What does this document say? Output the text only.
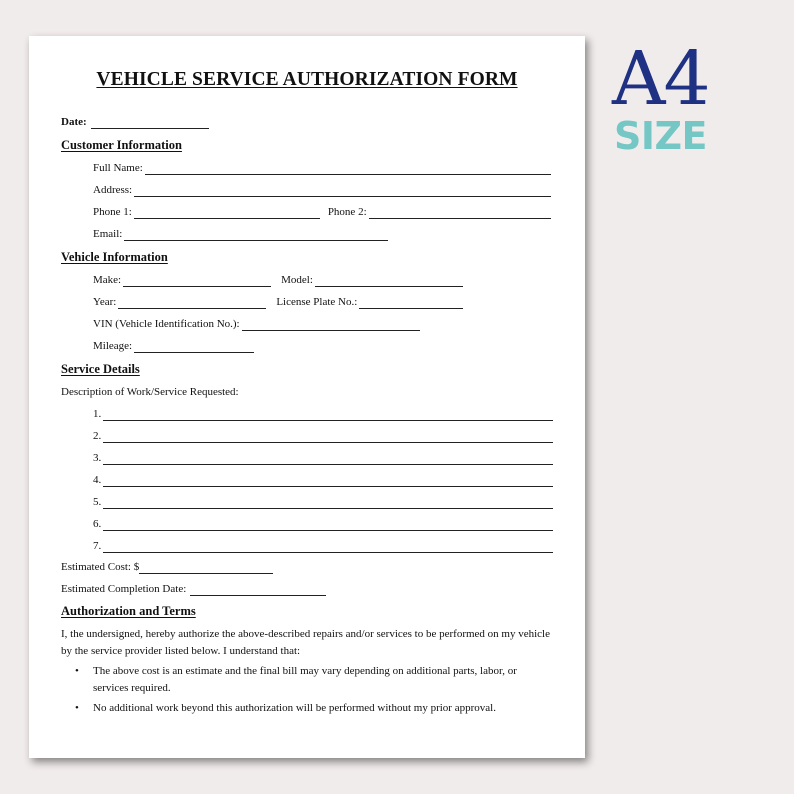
VEHICLE SERVICE AUTHORIZATION FORM
Date:
Customer Information
Full Name:
Address:
Phone 1:	Phone 2:
Email:
Vehicle Information
Make:	Model:
Year:	License Plate No.:
VIN (Vehicle Identification No.):
Mileage:
Service Details
Description of Work/Service Requested:
1.
2.
3.
4.
5.
6.
7.
Estimated Cost: $
Estimated Completion Date:
Authorization and Terms
I, the undersigned, hereby authorize the above-described repairs and/or services to be performed on my vehicle by the service provider listed below. I understand that:
•	The above cost is an estimate and the final bill may vary depending on additional parts, labor, or services required.
•	No additional work beyond this authorization will be performed without my prior approval.
A4
SIZE
